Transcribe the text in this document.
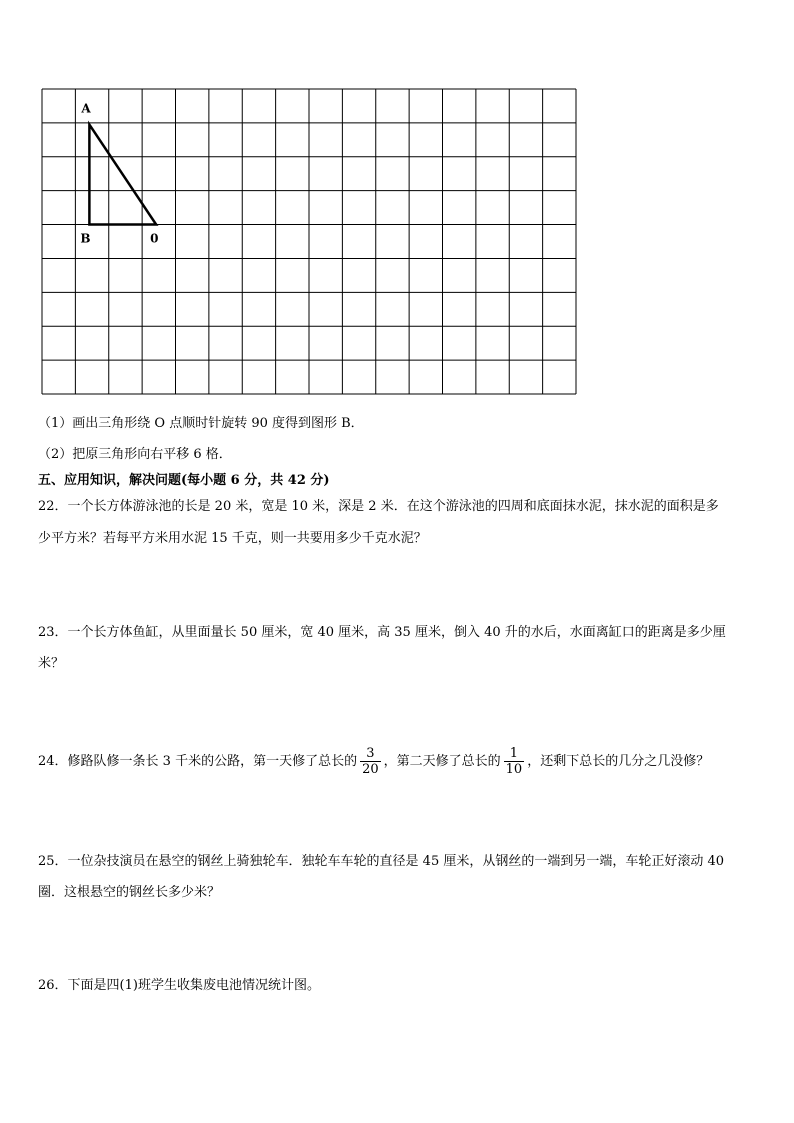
A
B	0
（1）画出三角形绕 O 点顺时针旋转 90 度得到图形 B．
（2）把原三角形向右平移 6 格．
五、应用知识，解决问题(每小题 6 分，共 42 分)
22．一个长方体游泳池的长是 20 米，宽是 10 米，深是 2 米．在这个游泳池的四周和底面抹水泥，抹水泥的面积是多
少平方米？若每平方米用水泥 15 千克，则一共要用多少千克水泥？
23．一个长方体鱼缸，从里面量长 50 厘米，宽 40 厘米，高 35 厘米，倒入 40 升的水后，水面离缸口的距离是多少厘
米？
24．修路队修一条长 3 千米的公路，第一天修了总长的 $\frac{3}{20}$ ，第二天修了总长的 $\frac{1}{10}$ ，还剩下总长的几分之几没修？
25．一位杂技演员在悬空的钢丝上骑独轮车．独轮车车轮的直径是 45 厘米，从钢丝的一端到另一端，车轮正好滚动 40
圈．这根悬空的钢丝长多少米？
26．下面是四(1)班学生收集废电池情况统计图。
